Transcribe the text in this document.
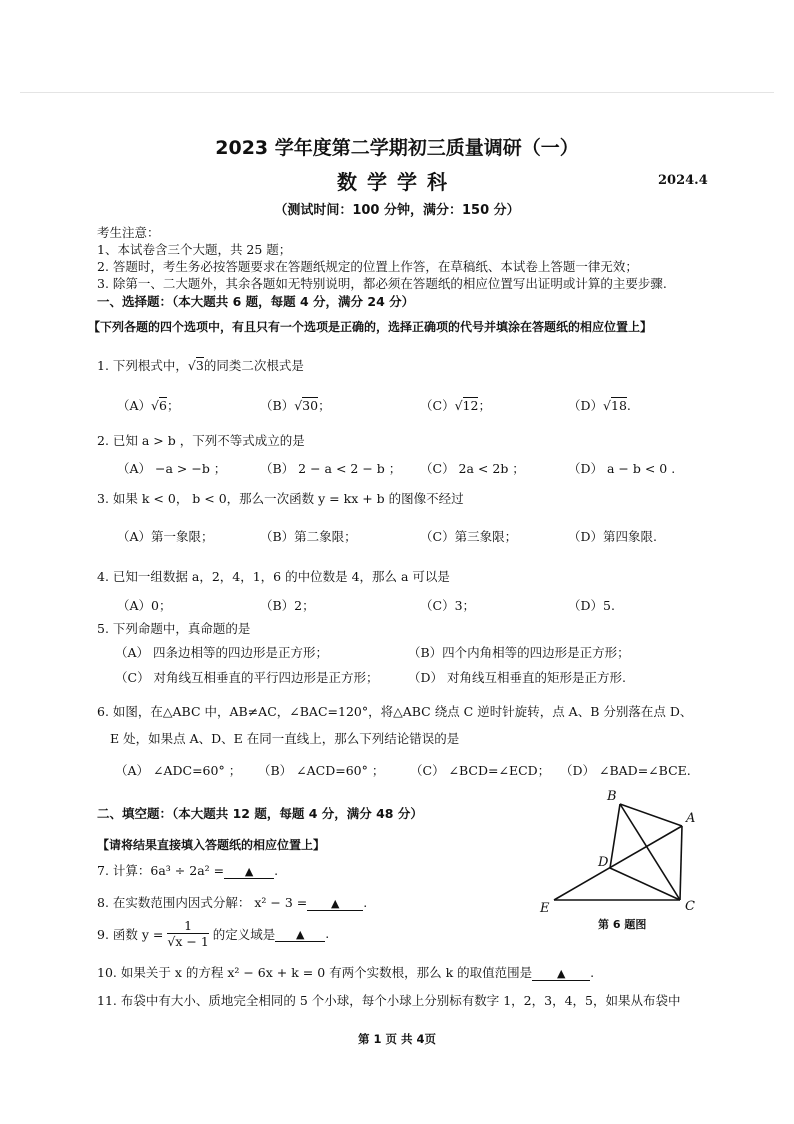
2023 学年度第二学期初三质量调研（一）
数学学科	2024.4
（测试时间：100 分钟，满分：150 分）
考生注意：
1、本试卷含三个大题，共 25 题；
2. 答题时，考生务必按答题要求在答题纸规定的位置上作答，在草稿纸、本试卷上答题一律无效；
3. 除第一、二大题外，其余各题如无特别说明，都必须在答题纸的相应位置写出证明或计算的主要步骤.
一、选择题：（本大题共 6 题，每题 4 分，满分 24 分）
【下列各题的四个选项中，有且只有一个选项是正确的，选择正确项的代号并填涂在答题纸的相应位置上】
1. 下列根式中，√3的同类二次根式是
（A）√6；	（B）√30；	（C）√12；	（D）√18.
2. 已知 a > b ，下列不等式成立的是
（A） −a > −b ；	（B） 2 − a < 2 − b ； （C） 2a < 2b ；	（D） a − b < 0 .
3. 如果 k < 0， b < 0，那么一次函数 y = kx + b 的图像不经过
（A）第一象限；	（B）第二象限；	（C）第三象限；	（D）第四象限.
4. 已知一组数据 a，2，4，1，6 的中位数是 4，那么 a 可以是
（A）0；	（B）2；	（C）3；	（D）5.
5. 下列命题中，真命题的是
（A） 四条边相等的四边形是正方形；	（B）四个内角相等的四边形是正方形；
（C） 对角线互相垂直的平行四边形是正方形； （D） 对角线互相垂直的矩形是正方形.
6. 如图，在△ABC 中，AB≠AC，∠BAC=120°，将△ABC 绕点 C 逆时针旋转，点 A、B 分别落在点 D、
E 处，如果点 A、D、E 在同一直线上，那么下列结论错误的是
（A） ∠ADC=60° ； （B） ∠ACD=60° ； （C） ∠BCD=∠ECD； （D） ∠BAD=∠BCE.
二、填空题：（本大题共 12 题，每题 4 分，满分 48 分）
【请将结果直接填入答题纸的相应位置上】
7. 计算：6a³ ÷ 2a² = ▲ .
8. 在实数范围内因式分解： x² − 3 = ▲ .
9. 函数 $y = \frac{1}{√x - 1}$ 的定义域是 ▲ .
10. 如果关于 x 的方程 x² − 6x + k = 0 有两个实数根，那么 k 的取值范围是 ▲ .
11. 布袋中有大小、质地完全相同的 5 个小球，每个小球上分别标有数字 1，2，3，4，5，如果从布袋中
B
A
D
E	C
第 6 题图
第 1 页 共 4页
